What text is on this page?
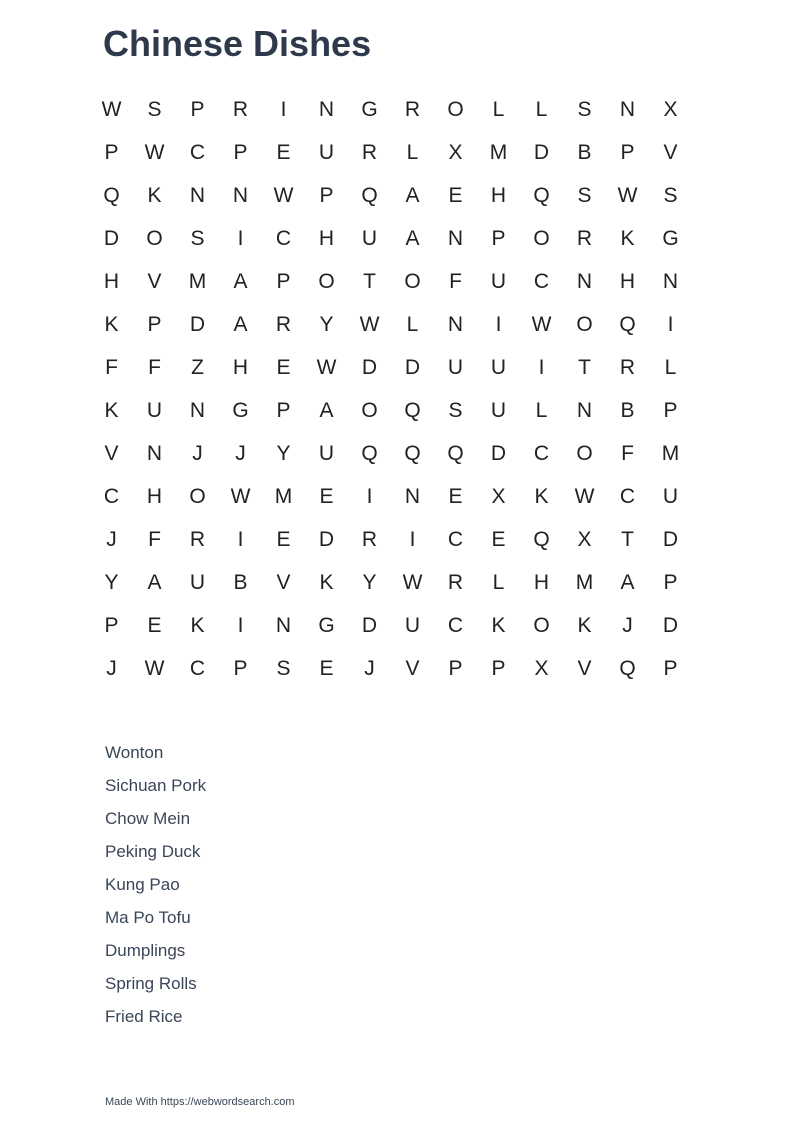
Chinese Dishes
W	S	P	R	I	N	G	R	O	L	L	S	N	X
P	W	C	P	E	U	R	L	X	M	D	B	P	V
Q	K	N	N	W	P	Q	A	E	H	Q	S	W	S
D	O	S	I	C	H	U	A	N	P	O	R	K	G
H	V	M	A	P	O	T	O	F	U	C	N	H	N
K	P	D	A	R	Y	W	L	N	I	W	O	Q	I
F	F	Z	H	E	W	D	D	U	U	I	T	R	L
K	U	N	G	P	A	O	Q	S	U	L	N	B	P
V	N	J	J	Y	U	Q	Q	Q	D	C	O	F	M
C	H	O	W	M	E	I	N	E	X	K	W	C	U
J	F	R	I	E	D	R	I	C	E	Q	X	T	D
Y	A	U	B	V	K	Y	W	R	L	H	M	A	P
P	E	K	I	N	G	D	U	C	K	O	K	J	D
J	W	C	P	S	E	J	V	P	P	X	V	Q	P
Wonton
Sichuan Pork
Chow Mein
Peking Duck
Kung Pao
Ma Po Tofu
Dumplings
Spring Rolls
Fried Rice
Made With https://webwordsearch.com
